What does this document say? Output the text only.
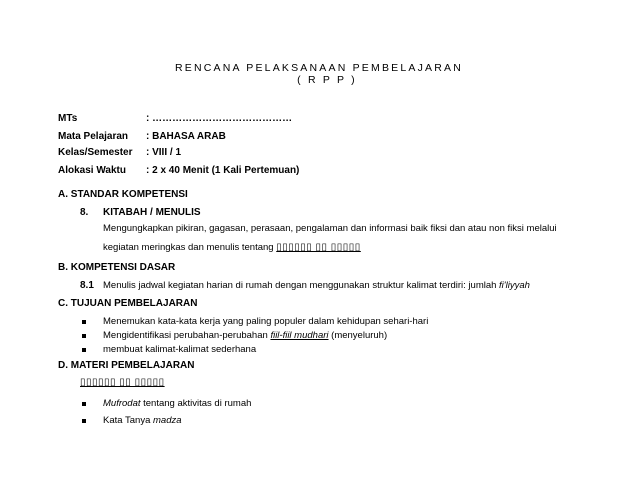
RENCANA PELAKSANAAN PEMBELAJARAN
( R P P )
MTs	: ……………………………………
Mata Pelajaran : BAHASA ARAB
Kelas/Semester : VIII / 1
Alokasi Waktu : 2 x 40 Menit (1 Kali Pertemuan)
A. STANDAR KOMPETENSI
8. KITABAH / MENULIS
Mengungkapkan pikiran, gagasan, perasaan, pengalaman dan informasi baik fiksi dan atau non fiksi melalui
kegiatan meringkas dan menulis tentang ▯▯▯▯▯▯ ▯▯ ▯▯▯▯▯
B. KOMPETENSI DASAR
8.1 Menulis jadwal kegiatan harian di rumah dengan menggunakan struktur kalimat terdiri: jumlah fi'liyyah
C. TUJUAN PEMBELAJARAN
Menemukan kata-kata kerja yang paling populer dalam kehidupan sehari-hari
Mengidentifikasi perubahan-perubahan fiil-fiil mudhari (menyeluruh)
membuat kalimat-kalimat sederhana
D. MATERI PEMBELAJARAN
▯▯▯▯▯▯ ▯▯ ▯▯▯▯▯
Mufrodat tentang aktivitas di rumah
Kata Tanya madza
